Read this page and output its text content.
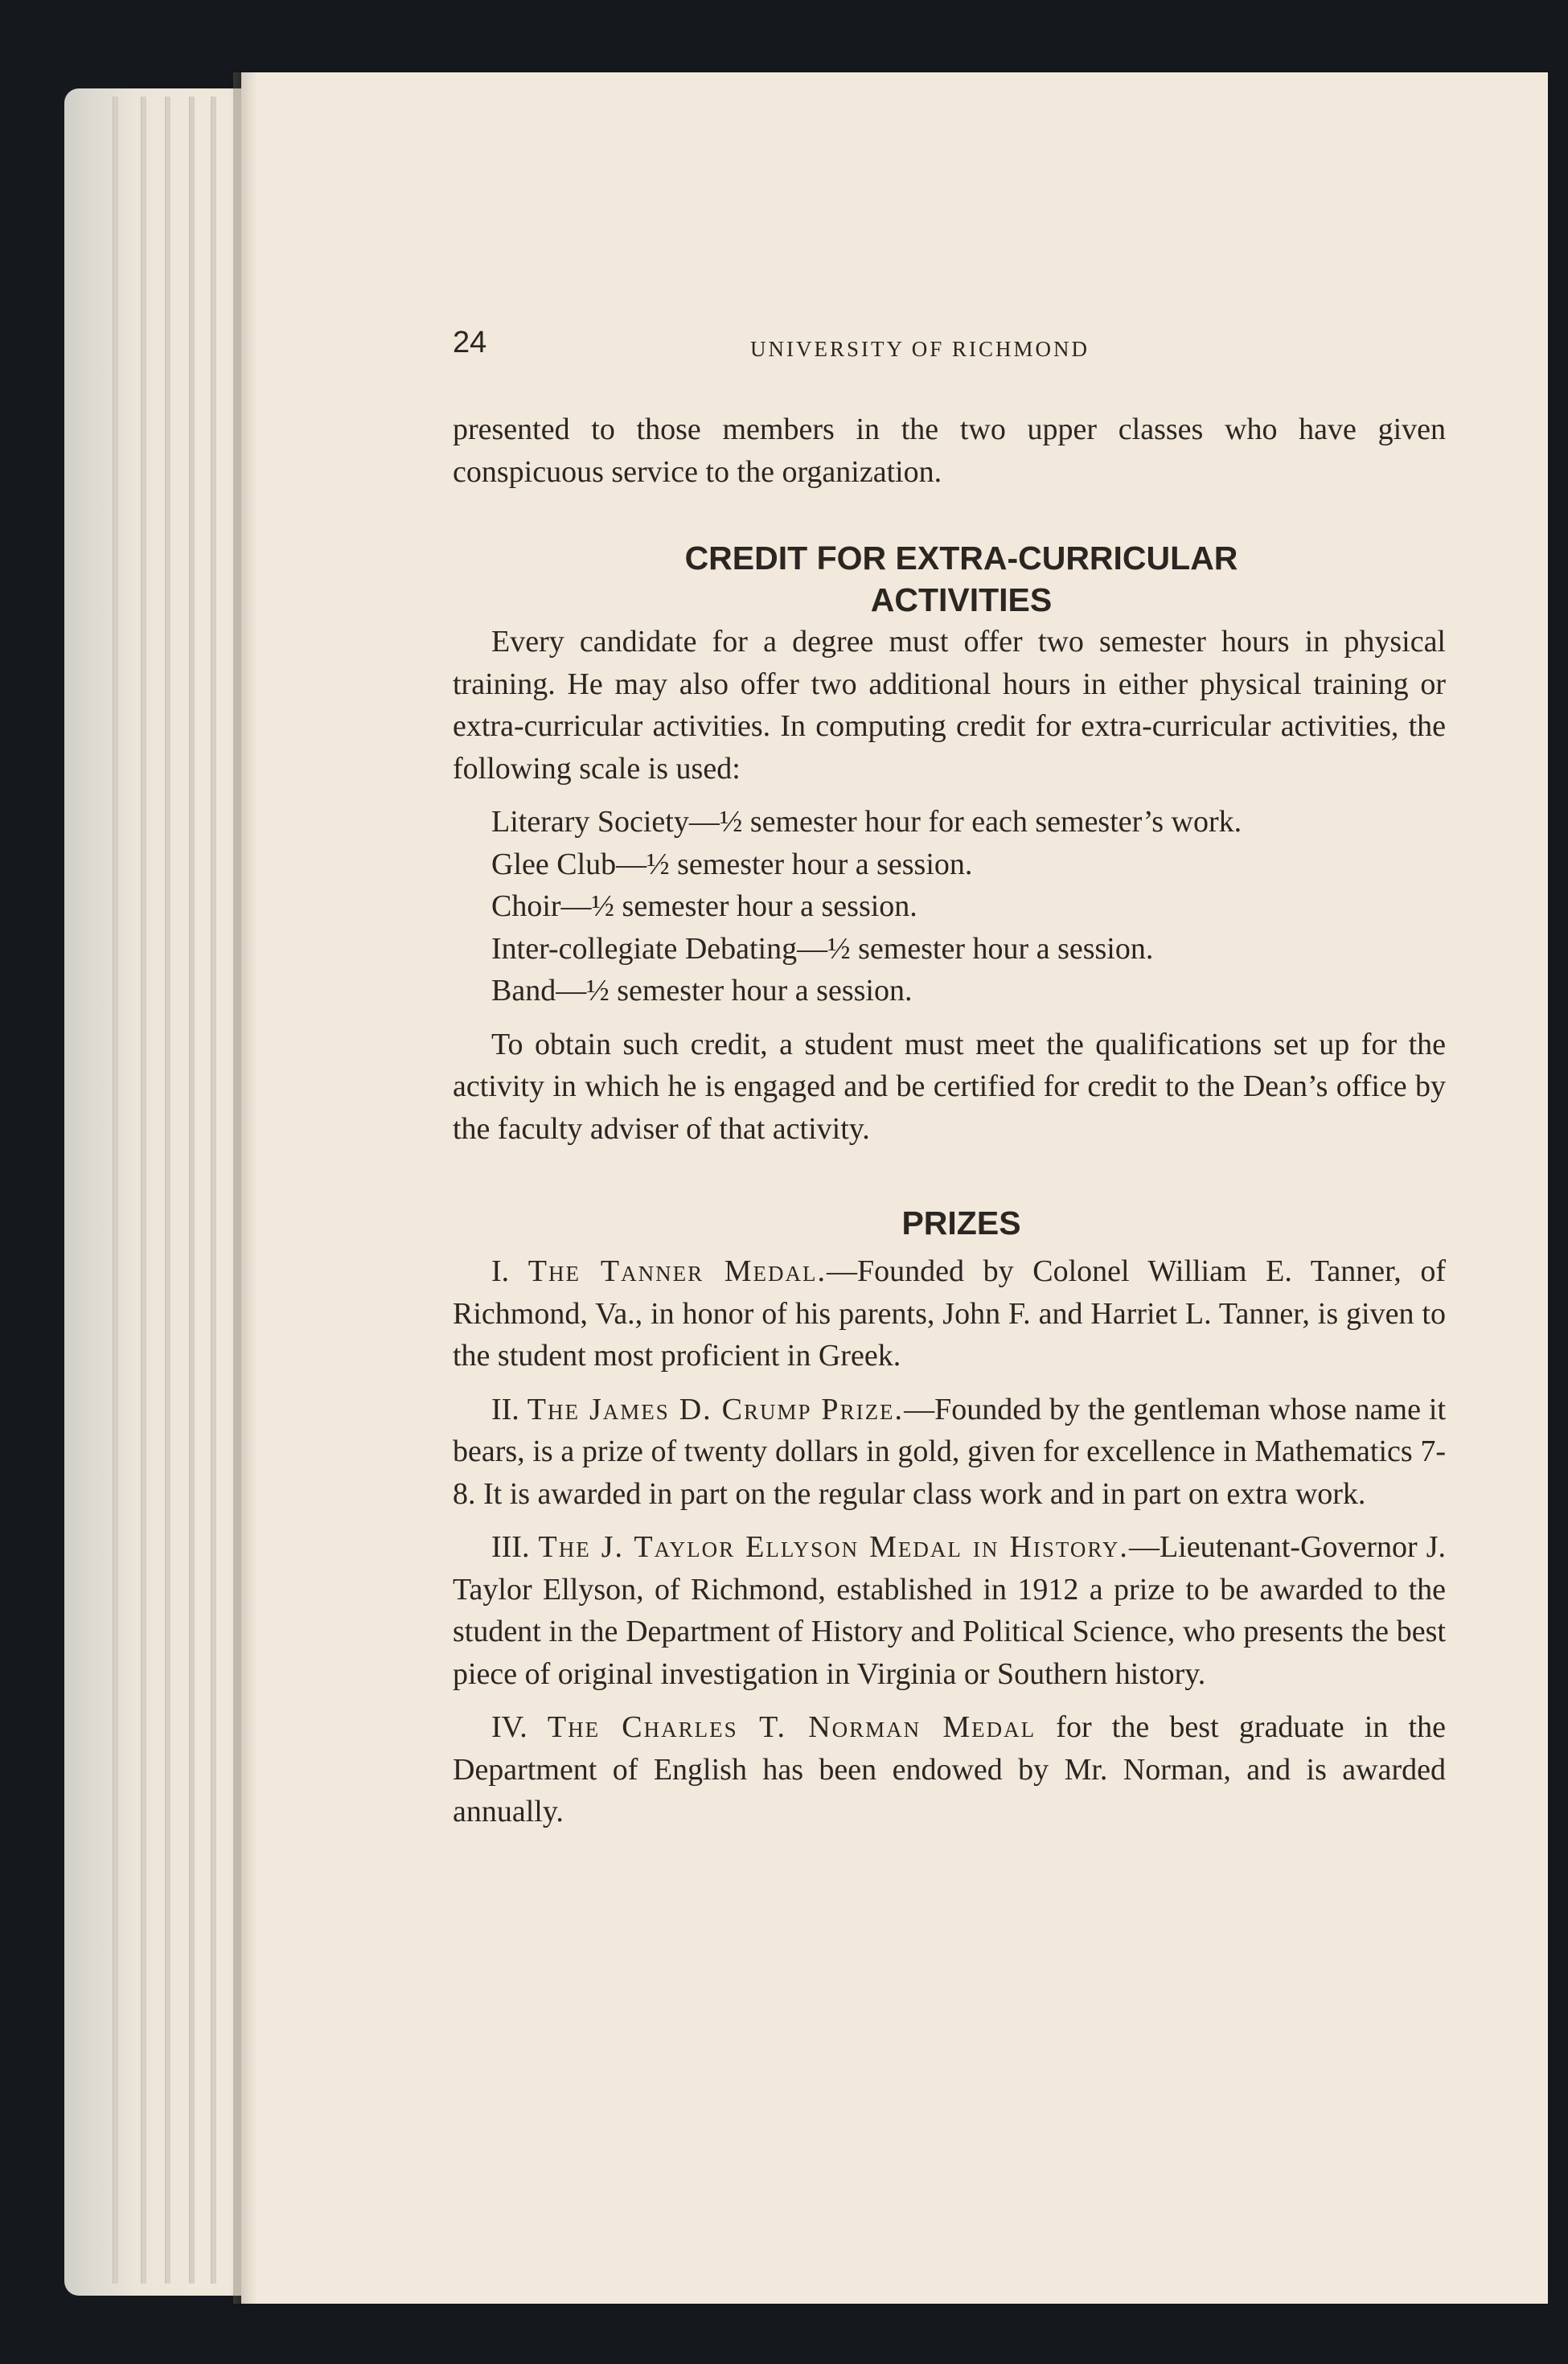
24	UNIVERSITY OF RICHMOND

presented to those members in the two upper classes who have given conspicuous service to the organization.

CREDIT FOR EXTRA-CURRICULAR
ACTIVITIES

Every candidate for a degree must offer two semester hours in physical training. He may also offer two additional hours in either physical training or extra-curricular activities. In computing credit for extra-curricular activities, the following scale is used:

Literary Society—½ semester hour for each semester’s work.
Glee Club—½ semester hour a session.
Choir—½ semester hour a session.
Inter-collegiate Debating—½ semester hour a session.
Band—½ semester hour a session.

To obtain such credit, a student must meet the qualifications set up for the activity in which he is engaged and be certified for credit to the Dean’s office by the faculty adviser of that activity.

PRIZES

I. The Tanner Medal.—Founded by Colonel William E. Tanner, of Richmond, Va., in honor of his parents, John F. and Harriet L. Tanner, is given to the student most proficient in Greek.

II. The James D. Crump Prize.—Founded by the gentleman whose name it bears, is a prize of twenty dollars in gold, given for excellence in Mathematics 7-8. It is awarded in part on the regular class work and in part on extra work.

III. The J. Taylor Ellyson Medal in History.—Lieutenant-Governor J. Taylor Ellyson, of Richmond, established in 1912 a prize to be awarded to the student in the Department of History and Political Science, who presents the best piece of original investigation in Virginia or Southern history.

IV. The Charles T. Norman Medal for the best graduate in the Department of English has been endowed by Mr. Norman, and is awarded annually.
